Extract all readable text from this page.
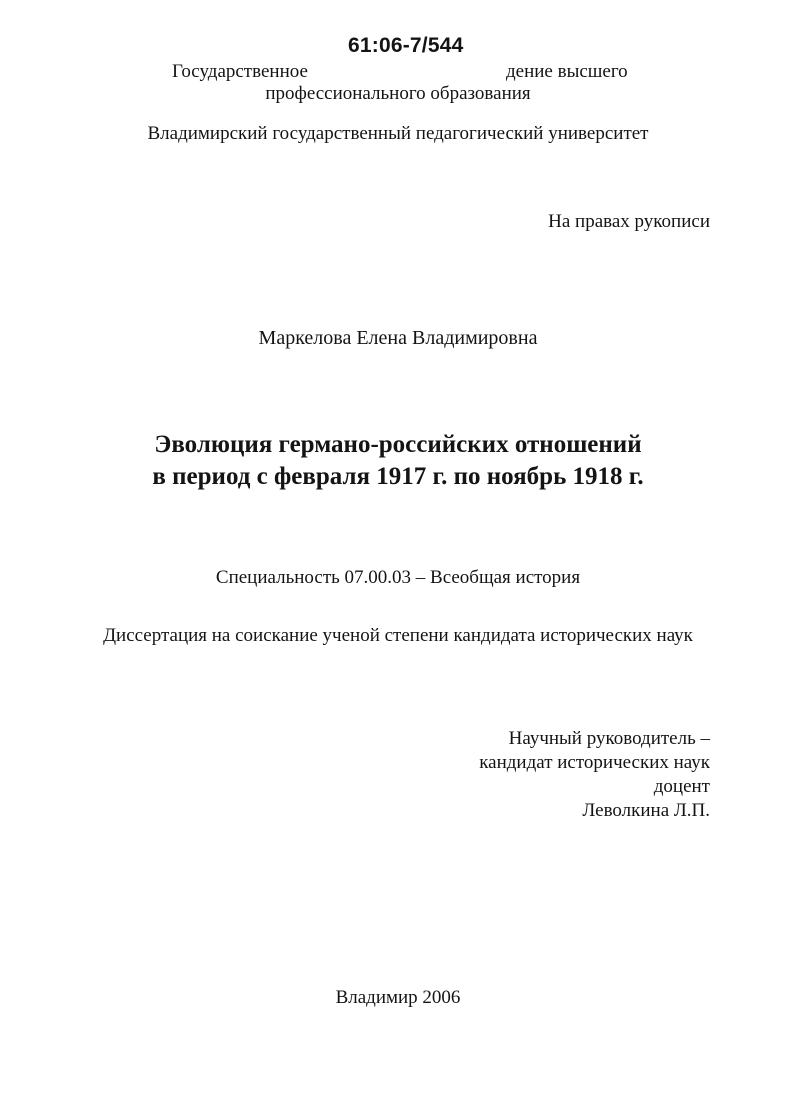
61:06-7/544
Государственное	дение высшего
профессионального образования
Владимирский государственный педагогический университет
На правах рукописи
Маркелова Елена Владимировна
Эволюция германо-российских отношений
в период с февраля 1917 г. по ноябрь 1918 г.
Специальность 07.00.03 – Всеобщая история
Диссертация на соискание ученой степени кандидата исторических наук
Научный руководитель –
кандидат исторических наук
доцент
Леволкина Л.П.
Владимир 2006
